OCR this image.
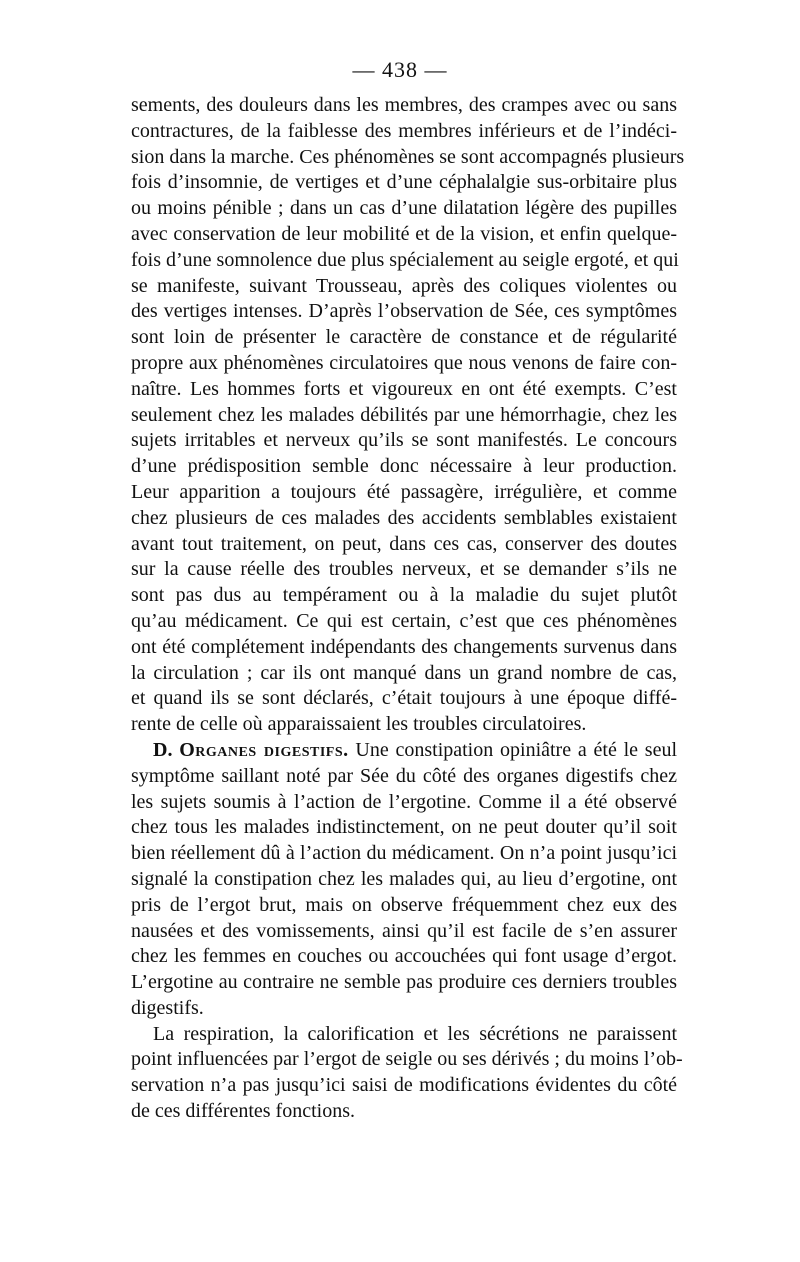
— 438 —
sements, des douleurs dans les membres, des crampes avec ou sans
contractures, de la faiblesse des membres inférieurs et de l’indéci-
sion dans la marche. Ces phénomènes se sont accompagnés plusieurs
fois d’insomnie, de vertiges et d’une céphalalgie sus-orbitaire plus
ou moins pénible ; dans un cas d’une dilatation légère des pupilles
avec conservation de leur mobilité et de la vision, et enfin quelque-
fois d’une somnolence due plus spécialement au seigle ergoté, et qui
se manifeste, suivant Trousseau, après des coliques violentes ou
des vertiges intenses. D’après l’observation de Sée, ces symptômes
sont loin de présenter le caractère de constance et de régularité
propre aux phénomènes circulatoires que nous venons de faire con-
naître. Les hommes forts et vigoureux en ont été exempts. C’est
seulement chez les malades débilités par une hémorrhagie, chez les
sujets irritables et nerveux qu’ils se sont manifestés. Le concours
d’une prédisposition semble donc nécessaire à leur production.
Leur apparition a toujours été passagère, irrégulière, et comme
chez plusieurs de ces malades des accidents semblables existaient
avant tout traitement, on peut, dans ces cas, conserver des doutes
sur la cause réelle des troubles nerveux, et se demander s’ils ne
sont pas dus au tempérament ou à la maladie du sujet plutôt
qu’au médicament. Ce qui est certain, c’est que ces phénomènes
ont été complétement indépendants des changements survenus dans
la circulation ; car ils ont manqué dans un grand nombre de cas,
et quand ils se sont déclarés, c’était toujours à une époque diffé-
rente de celle où apparaissaient les troubles circulatoires.
D. Organes digestifs. Une constipation opiniâtre a été le seul
symptôme saillant noté par Sée du côté des organes digestifs chez
les sujets soumis à l’action de l’ergotine. Comme il a été observé
chez tous les malades indistinctement, on ne peut douter qu’il soit
bien réellement dû à l’action du médicament. On n’a point jusqu’ici
signalé la constipation chez les malades qui, au lieu d’ergotine, ont
pris de l’ergot brut, mais on observe fréquemment chez eux des
nausées et des vomissements, ainsi qu’il est facile de s’en assurer
chez les femmes en couches ou accouchées qui font usage d’ergot.
L’ergotine au contraire ne semble pas produire ces derniers troubles
digestifs.
La respiration, la calorification et les sécrétions ne paraissent
point influencées par l’ergot de seigle ou ses dérivés ; du moins l’ob-
servation n’a pas jusqu’ici saisi de modifications évidentes du côté
de ces différentes fonctions.
